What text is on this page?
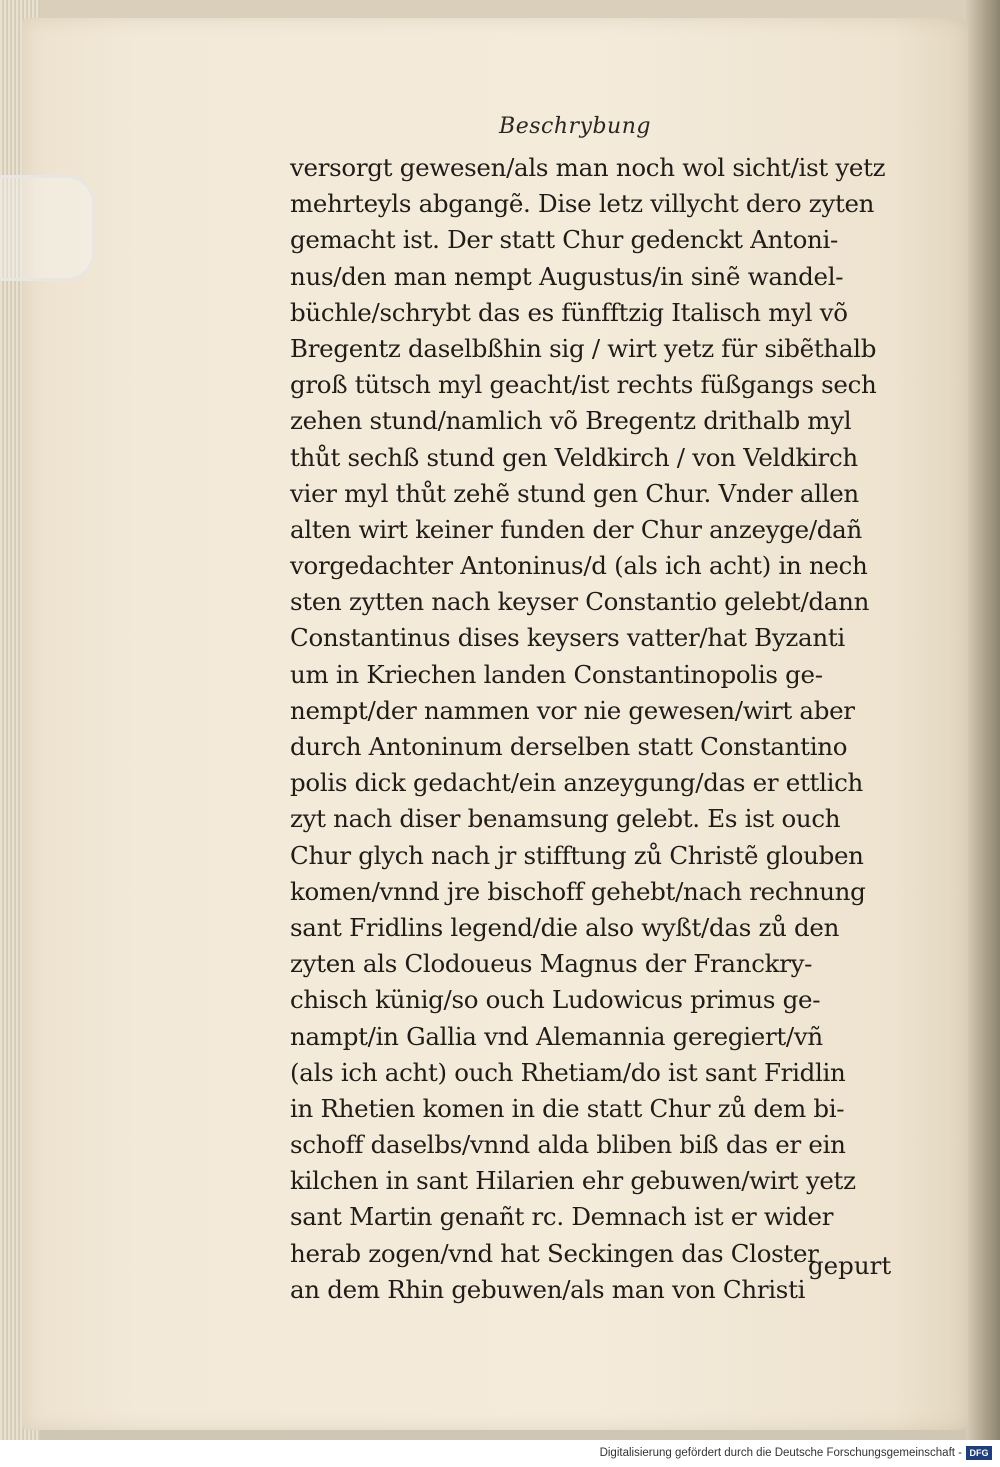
Beschrybung
versorgt gewesen/als man noch wol sicht/ist yetz
mehrteyls abgangẽ. Dise letz villycht dero zyten
gemacht ist. Der statt Chur gedenckt Antoni-
nus/den man nempt Augustus/in sinẽ wandel-
büchle/schrybt das es fünfftzig Italisch myl võ
Bregentz daselbßhin sig / wirt yetz für sibẽthalb
groß tütsch myl geacht/ist rechts füßgangs sech
zehen stund/namlich võ Bregentz drithalb myl
thůt sechß stund gen Veldkirch / von Veldkirch
vier myl thůt zehẽ stund gen Chur. Vnder allen
alten wirt keiner funden der Chur anzeyge/dañ
vorgedachter Antoninus/d (als ich acht) in nech
sten zytten nach keyser Constantio gelebt/dann
Constantinus dises keysers vatter/hat Byzanti
um in Kriechen landen Constantinopolis ge-
nempt/der nammen vor nie gewesen/wirt aber
durch Antoninum derselben statt Constantino
polis dick gedacht/ein anzeygung/das er ettlich
zyt nach diser benamsung gelebt. Es ist ouch
Chur glych nach jr stifftung zů Christẽ glouben
komen/vnnd jre bischoff gehebt/nach rechnung
sant Fridlins legend/die also wyßt/das zů den
zyten als Clodoueus Magnus der Franckry-
chisch künig/so ouch Ludowicus primus ge-
nampt/in Gallia vnd Alemannia geregiert/vñ
(als ich acht) ouch Rhetiam/do ist sant Fridlin
in Rhetien komen in die statt Chur zů dem bi-
schoff daselbs/vnnd alda bliben biß das er ein
kilchen in sant Hilarien ehr gebuwen/wirt yetz
sant Martin genañt rc. Demnach ist er wider
herab zogen/vnd hat Seckingen das Closter
an dem Rhin gebuwen/als man von Christi
gepurt
Digitalisierung gefördert durch die Deutsche Forschungsgemeinschaft - DFG
